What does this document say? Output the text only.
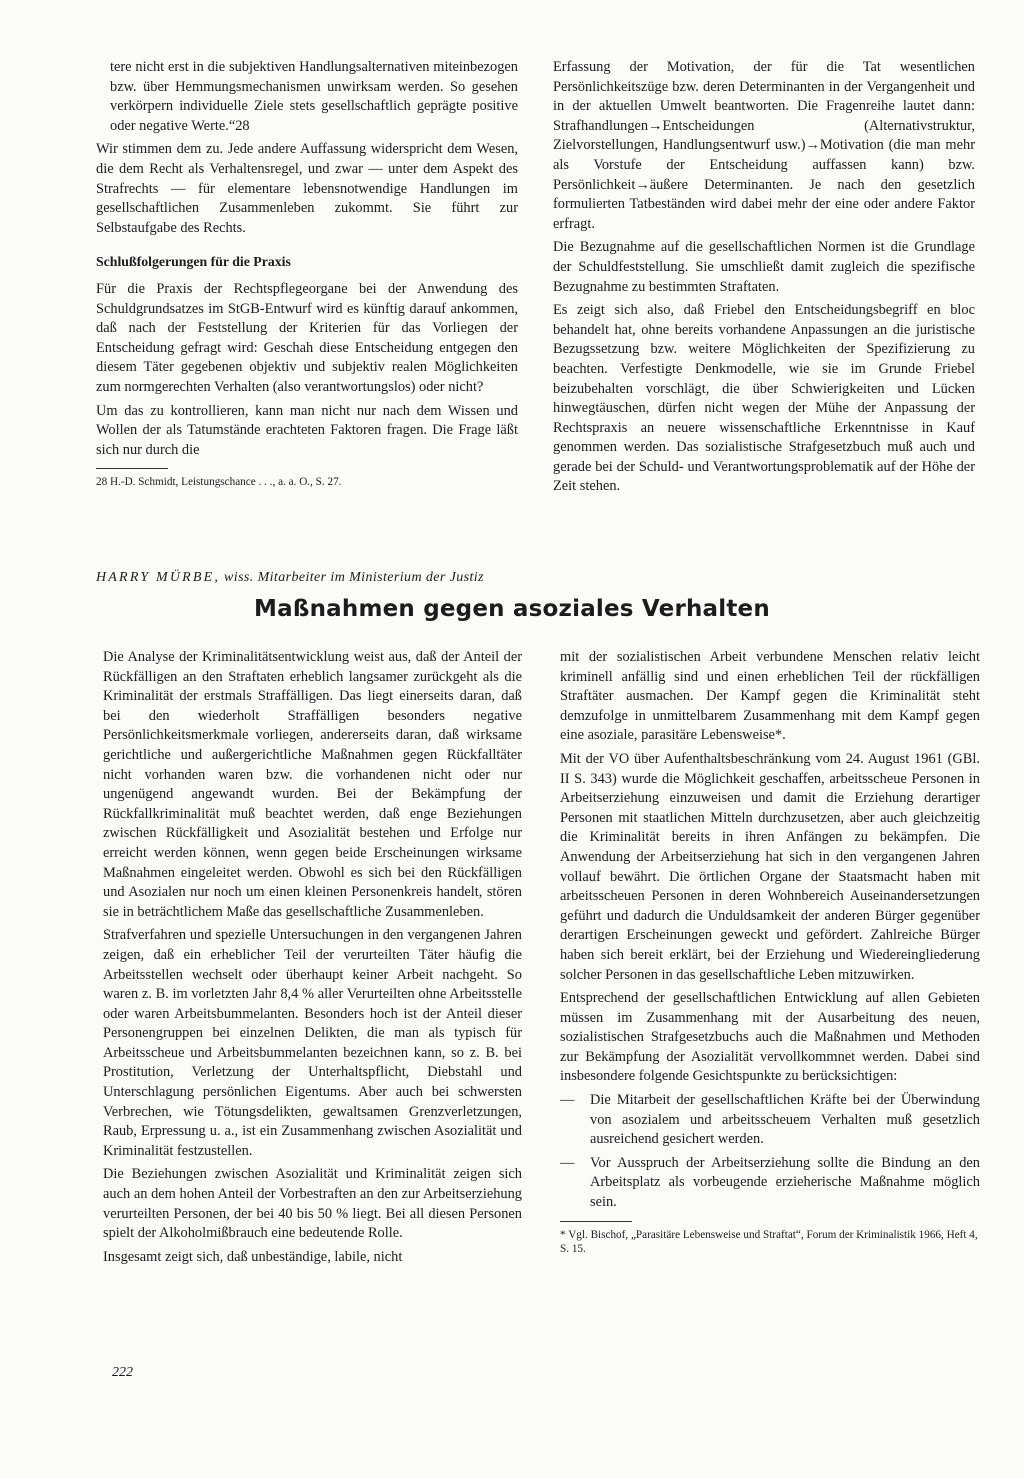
tere nicht erst in die subjektiven Handlungsalternativen miteinbezogen bzw. über Hemmungsmechanismen unwirksam werden. So gesehen verkörpern individuelle Ziele stets gesellschaftlich geprägte positive oder negative Werte.“28

Wir stimmen dem zu. Jede andere Auffassung widerspricht dem Wesen, die dem Recht als Verhaltensregel, und zwar — unter dem Aspekt des Strafrechts — für elementare lebensnotwendige Handlungen im gesellschaftlichen Zusammenleben zukommt. Sie führt zur Selbstaufgabe des Rechts.

Schlußfolgerungen für die Praxis

Für die Praxis der Rechtspflegeorgane bei der Anwendung des Schuldgrundsatzes im StGB-Entwurf wird es künftig darauf ankommen, daß nach der Feststellung der Kriterien für das Vorliegen der Entscheidung gefragt wird: Geschah diese Entscheidung entgegen den diesem Täter gegebenen objektiv und subjektiv realen Möglichkeiten zum normgerechten Verhalten (also verantwortungslos) oder nicht?

Um das zu kontrollieren, kann man nicht nur nach dem Wissen und Wollen der als Tatumstände erachteten Faktoren fragen. Die Frage läßt sich nur durch die

28 H.-D. Schmidt, Leistungschance . . ., a. a. O., S. 27.

Erfassung der Motivation, der für die Tat wesentlichen Persönlichkeitszüge bzw. deren Determinanten in der Vergangenheit und in der aktuellen Umwelt beantworten. Die Fragenreihe lautet dann: Strafhandlungen→Entscheidungen (Alternativstruktur, Zielvorstellungen, Handlungsentwurf usw.)→Motivation (die man mehr als Vorstufe der Entscheidung auffassen kann) bzw. Persönlichkeit→äußere Determinanten. Je nach den gesetzlich formulierten Tatbeständen wird dabei mehr der eine oder andere Faktor erfragt.

Die Bezugnahme auf die gesellschaftlichen Normen ist die Grundlage der Schuldfeststellung. Sie umschließt damit zugleich die spezifische Bezugnahme zu bestimmten Straftaten.

Es zeigt sich also, daß Friebel den Entscheidungsbegriff en bloc behandelt hat, ohne bereits vorhandene Anpassungen an die juristische Bezugssetzung bzw. weitere Möglichkeiten der Spezifizierung zu beachten. Verfestigte Denkmodelle, wie sie im Grunde Friebel beizubehalten vorschlägt, die über Schwierigkeiten und Lücken hinwegtäuschen, dürfen nicht wegen der Mühe der Anpassung der Rechtspraxis an neuere wissenschaftliche Erkenntnisse in Kauf genommen werden. Das sozialistische Strafgesetzbuch muß auch und gerade bei der Schuld- und Verantwortungsproblematik auf der Höhe der Zeit stehen.

HARRY MÜRBE, wiss. Mitarbeiter im Ministerium der Justiz
Maßnahmen gegen asoziales Verhalten

Die Analyse der Kriminalitätsentwicklung weist aus, daß der Anteil der Rückfälligen an den Straftaten erheblich langsamer zurückgeht als die Kriminalität der erstmals Straffälligen. Das liegt einerseits daran, daß bei den wiederholt Straffälligen besonders negative Persönlichkeitsmerkmale vorliegen, andererseits daran, daß wirksame gerichtliche und außergerichtliche Maßnahmen gegen Rückfalltäter nicht vorhanden waren bzw. die vorhandenen nicht oder nur ungenügend angewandt wurden. Bei der Bekämpfung der Rückfallkriminalität muß beachtet werden, daß enge Beziehungen zwischen Rückfälligkeit und Asozialität bestehen und Erfolge nur erreicht werden können, wenn gegen beide Erscheinungen wirksame Maßnahmen eingeleitet werden. Obwohl es sich bei den Rückfälligen und Asozialen nur noch um einen kleinen Personenkreis handelt, stören sie in beträchtlichem Maße das gesellschaftliche Zusammenleben.

Strafverfahren und spezielle Untersuchungen in den vergangenen Jahren zeigen, daß ein erheblicher Teil der verurteilten Täter häufig die Arbeitsstellen wechselt oder überhaupt keiner Arbeit nachgeht. So waren z. B. im vorletzten Jahr 8,4 % aller Verurteilten ohne Arbeitsstelle oder waren Arbeitsbummelanten. Besonders hoch ist der Anteil dieser Personengruppen bei einzelnen Delikten, die man als typisch für Arbeitsscheue und Arbeitsbummelanten bezeichnen kann, so z. B. bei Prostitution, Verletzung der Unterhaltspflicht, Diebstahl und Unterschlagung persönlichen Eigentums. Aber auch bei schwersten Verbrechen, wie Tötungsdelikten, gewaltsamen Grenzverletzungen, Raub, Erpressung u. a., ist ein Zusammenhang zwischen Asozialität und Kriminalität festzustellen.

Die Beziehungen zwischen Asozialität und Kriminalität zeigen sich auch an dem hohen Anteil der Vorbestraften an den zur Arbeitserziehung verurteilten Personen, der bei 40 bis 50 % liegt. Bei all diesen Personen spielt der Alkoholmißbrauch eine bedeutende Rolle.

Insgesamt zeigt sich, daß unbeständige, labile, nicht

mit der sozialistischen Arbeit verbundene Menschen relativ leicht kriminell anfällig sind und einen erheblichen Teil der rückfälligen Straftäter ausmachen. Der Kampf gegen die Kriminalität steht demzufolge in unmittelbarem Zusammenhang mit dem Kampf gegen eine asoziale, parasitäre Lebensweise*.

Mit der VO über Aufenthaltsbeschränkung vom 24. August 1961 (GBl. II S. 343) wurde die Möglichkeit geschaffen, arbeitsscheue Personen in Arbeitserziehung einzuweisen und damit die Erziehung derartiger Personen mit staatlichen Mitteln durchzusetzen, aber auch gleichzeitig die Kriminalität bereits in ihren Anfängen zu bekämpfen. Die Anwendung der Arbeitserziehung hat sich in den vergangenen Jahren vollauf bewährt. Die örtlichen Organe der Staatsmacht haben mit arbeitsscheuen Personen in deren Wohnbereich Auseinandersetzungen geführt und dadurch die Unduldsamkeit der anderen Bürger gegenüber derartigen Erscheinungen geweckt und gefördert. Zahlreiche Bürger haben sich bereit erklärt, bei der Erziehung und Wiedereingliederung solcher Personen in das gesellschaftliche Leben mitzuwirken.

Entsprechend der gesellschaftlichen Entwicklung auf allen Gebieten müssen im Zusammenhang mit der Ausarbeitung des neuen, sozialistischen Strafgesetzbuchs auch die Maßnahmen und Methoden zur Bekämpfung der Asozialität vervollkommnet werden. Dabei sind insbesondere folgende Gesichtspunkte zu berücksichtigen:

— Die Mitarbeit der gesellschaftlichen Kräfte bei der Überwindung von asozialem und arbeitsscheuem Verhalten muß gesetzlich ausreichend gesichert werden.
— Vor Ausspruch der Arbeitserziehung sollte die Bindung an den Arbeitsplatz als vorbeugende erzieherische Maßnahme möglich sein.

* Vgl. Bischof, „Parasitäre Lebensweise und Straftat“, Forum der Kriminalistik 1966, Heft 4, S. 15.

222
